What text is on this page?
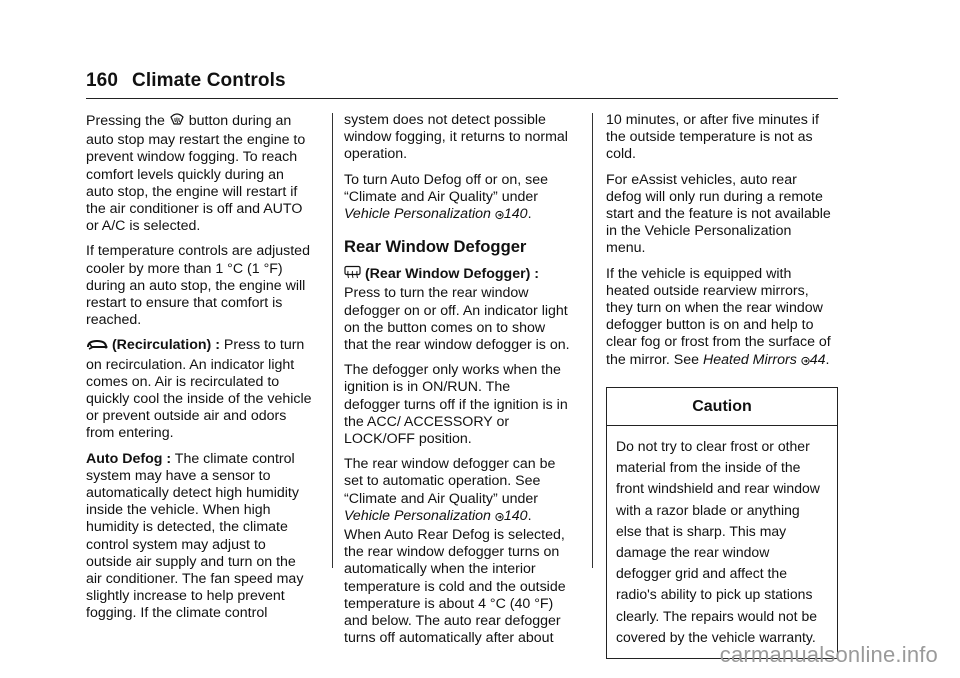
160 Climate Controls

Pressing the  button during an auto stop may restart the engine to prevent window fogging. To reach comfort levels quickly during an auto stop, the engine will restart if the air conditioner is off and AUTO or A/C is selected.

If temperature controls are adjusted cooler by more than 1 °C (1 °F) during an auto stop, the engine will restart to ensure that comfort is reached.

(Recirculation) : Press to turn on recirculation. An indicator light comes on. Air is recirculated to quickly cool the inside of the vehicle or prevent outside air and odors from entering.

Auto Defog : The climate control system may have a sensor to automatically detect high humidity inside the vehicle. When high humidity is detected, the climate control system may adjust to outside air supply and turn on the air conditioner. The fan speed may slightly increase to help prevent fogging. If the climate control

system does not detect possible window fogging, it returns to normal operation.

To turn Auto Defog off or on, see “Climate and Air Quality” under Vehicle Personalization 140.

Rear Window Defogger

(Rear Window Defogger) : Press to turn the rear window defogger on or off. An indicator light on the button comes on to show that the rear window defogger is on.

The defogger only works when the ignition is in ON/RUN. The defogger turns off if the ignition is in the ACC/ ACCESSORY or LOCK/OFF position.

The rear window defogger can be set to automatic operation. See “Climate and Air Quality” under Vehicle Personalization 140. When Auto Rear Defog is selected, the rear window defogger turns on automatically when the interior temperature is cold and the outside temperature is about 4 °C (40 °F) and below. The auto rear defogger turns off automatically after about

10 minutes, or after five minutes if the outside temperature is not as cold.

For eAssist vehicles, auto rear defog will only run during a remote start and the feature is not available in the Vehicle Personalization menu.

If the vehicle is equipped with heated outside rearview mirrors, they turn on when the rear window defogger button is on and help to clear fog or frost from the surface of the mirror. See Heated Mirrors 44.

Caution
Do not try to clear frost or other material from the inside of the front windshield and rear window with a razor blade or anything else that is sharp. This may damage the rear window defogger grid and affect the radio's ability to pick up stations clearly. The repairs would not be covered by the vehicle warranty.
carmanualsonline.info
